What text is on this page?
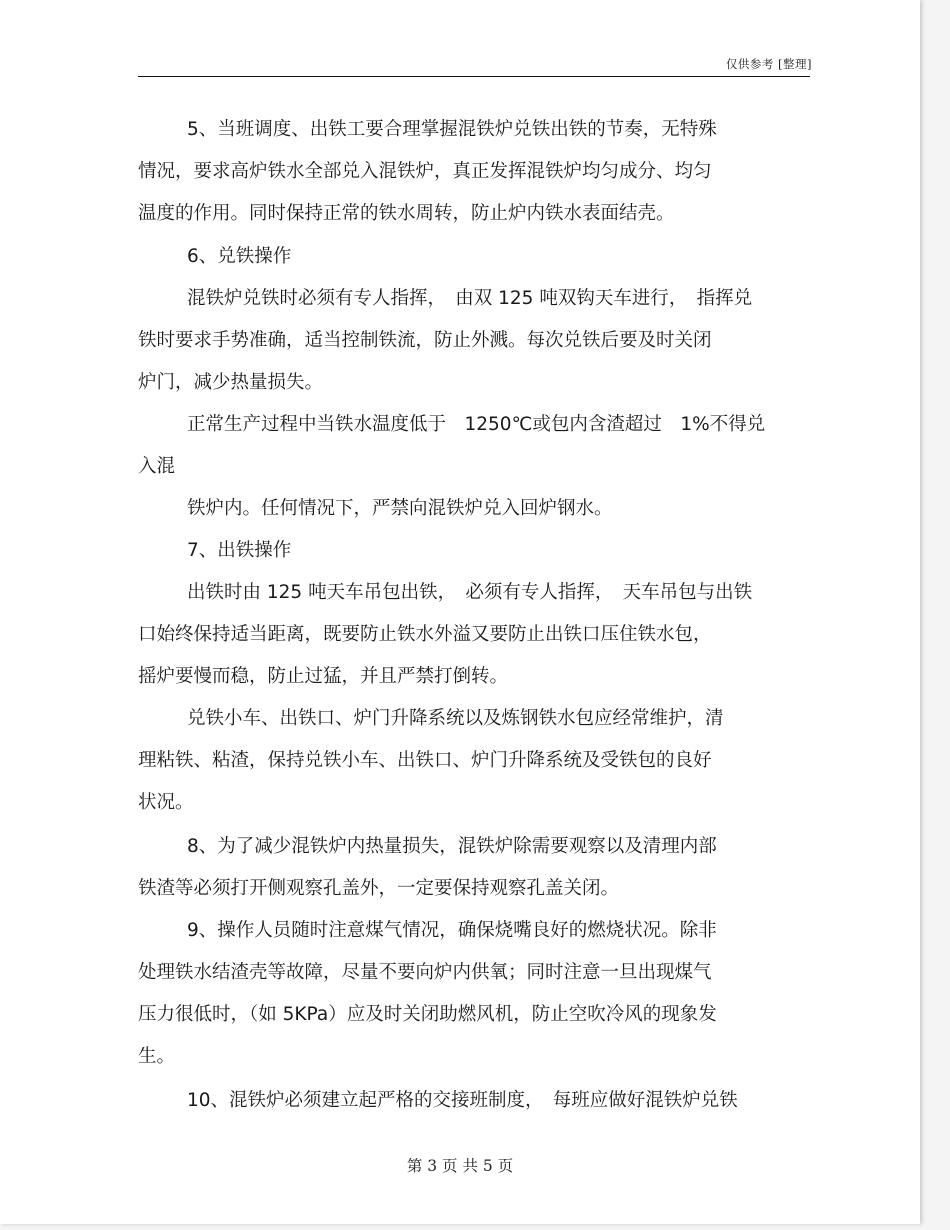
仅供参考 [整理]
5、当班调度、出铁工要合理掌握混铁炉兑铁出铁的节奏，无特殊
情况，要求高炉铁水全部兑入混铁炉，真正发挥混铁炉均匀成分、均匀
温度的作用。同时保持正常的铁水周转，防止炉内铁水表面结壳。
6、兑铁操作
混铁炉兑铁时必须有专人指挥，　由双 125 吨双钩天车进行，　指挥兑
铁时要求手势准确，适当控制铁流，防止外溅。每次兑铁后要及时关闭
炉门，减少热量损失。
正常生产过程中当铁水温度低于　1250℃或包内含渣超过　1%不得兑
入混
铁炉内。任何情况下，严禁向混铁炉兑入回炉钢水。
7、出铁操作
出铁时由 125 吨天车吊包出铁，　必须有专人指挥，　天车吊包与出铁
口始终保持适当距离，既要防止铁水外溢又要防止出铁口压住铁水包，
摇炉要慢而稳，防止过猛，并且严禁打倒转。
兑铁小车、出铁口、炉门升降系统以及炼钢铁水包应经常维护，清
理粘铁、粘渣，保持兑铁小车、出铁口、炉门升降系统及受铁包的良好
状况。
8、为了减少混铁炉内热量损失，混铁炉除需要观察以及清理内部
铁渣等必须打开侧观察孔盖外，一定要保持观察孔盖关闭。
9、操作人员随时注意煤气情况，确保烧嘴良好的燃烧状况。除非
处理铁水结渣壳等故障，尽量不要向炉内供氧；同时注意一旦出现煤气
压力很低时，（如 5KPa）应及时关闭助燃风机，防止空吹冷风的现象发
生。
10、混铁炉必须建立起严格的交接班制度，　每班应做好混铁炉兑铁
第 3 页 共 5 页
